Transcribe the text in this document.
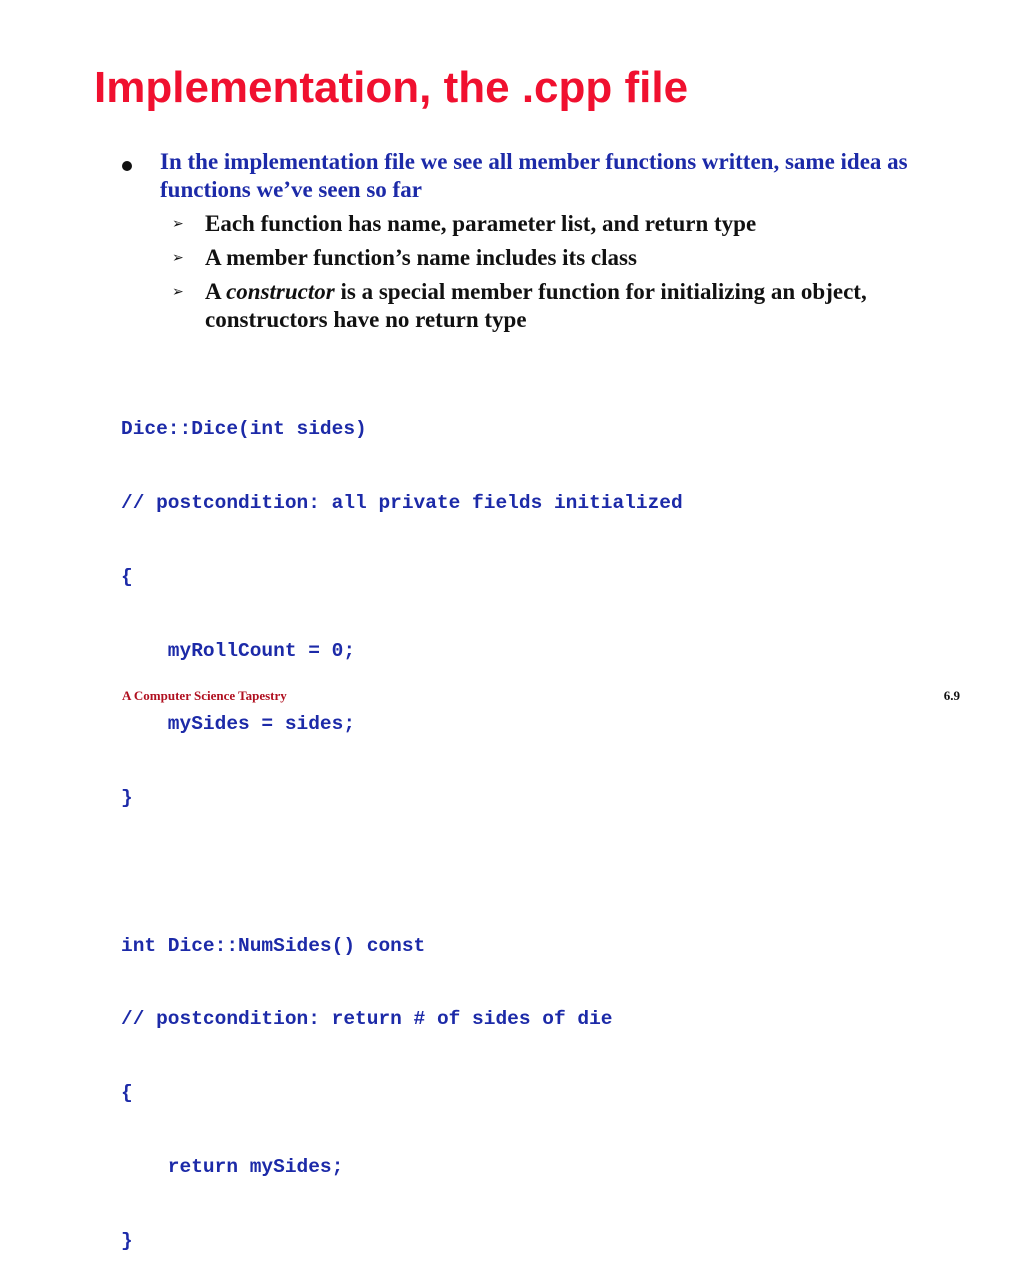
Implementation, the .cpp file
In the implementation file we see all member functions written, same idea as functions we’ve seen so far
➢ Each function has name, parameter list, and return type
➢ A member function’s name includes its class
➢ A constructor is a special member function for initializing an object, constructors have no return type

Dice::Dice(int sides)

// postcondition: all private fields initialized

{

myRollCount = 0;

mySides = sides;

}

int Dice::NumSides() const

// postcondition: return # of sides of die

{

return mySides;

}

A Computer Science Tapestry	6.9
